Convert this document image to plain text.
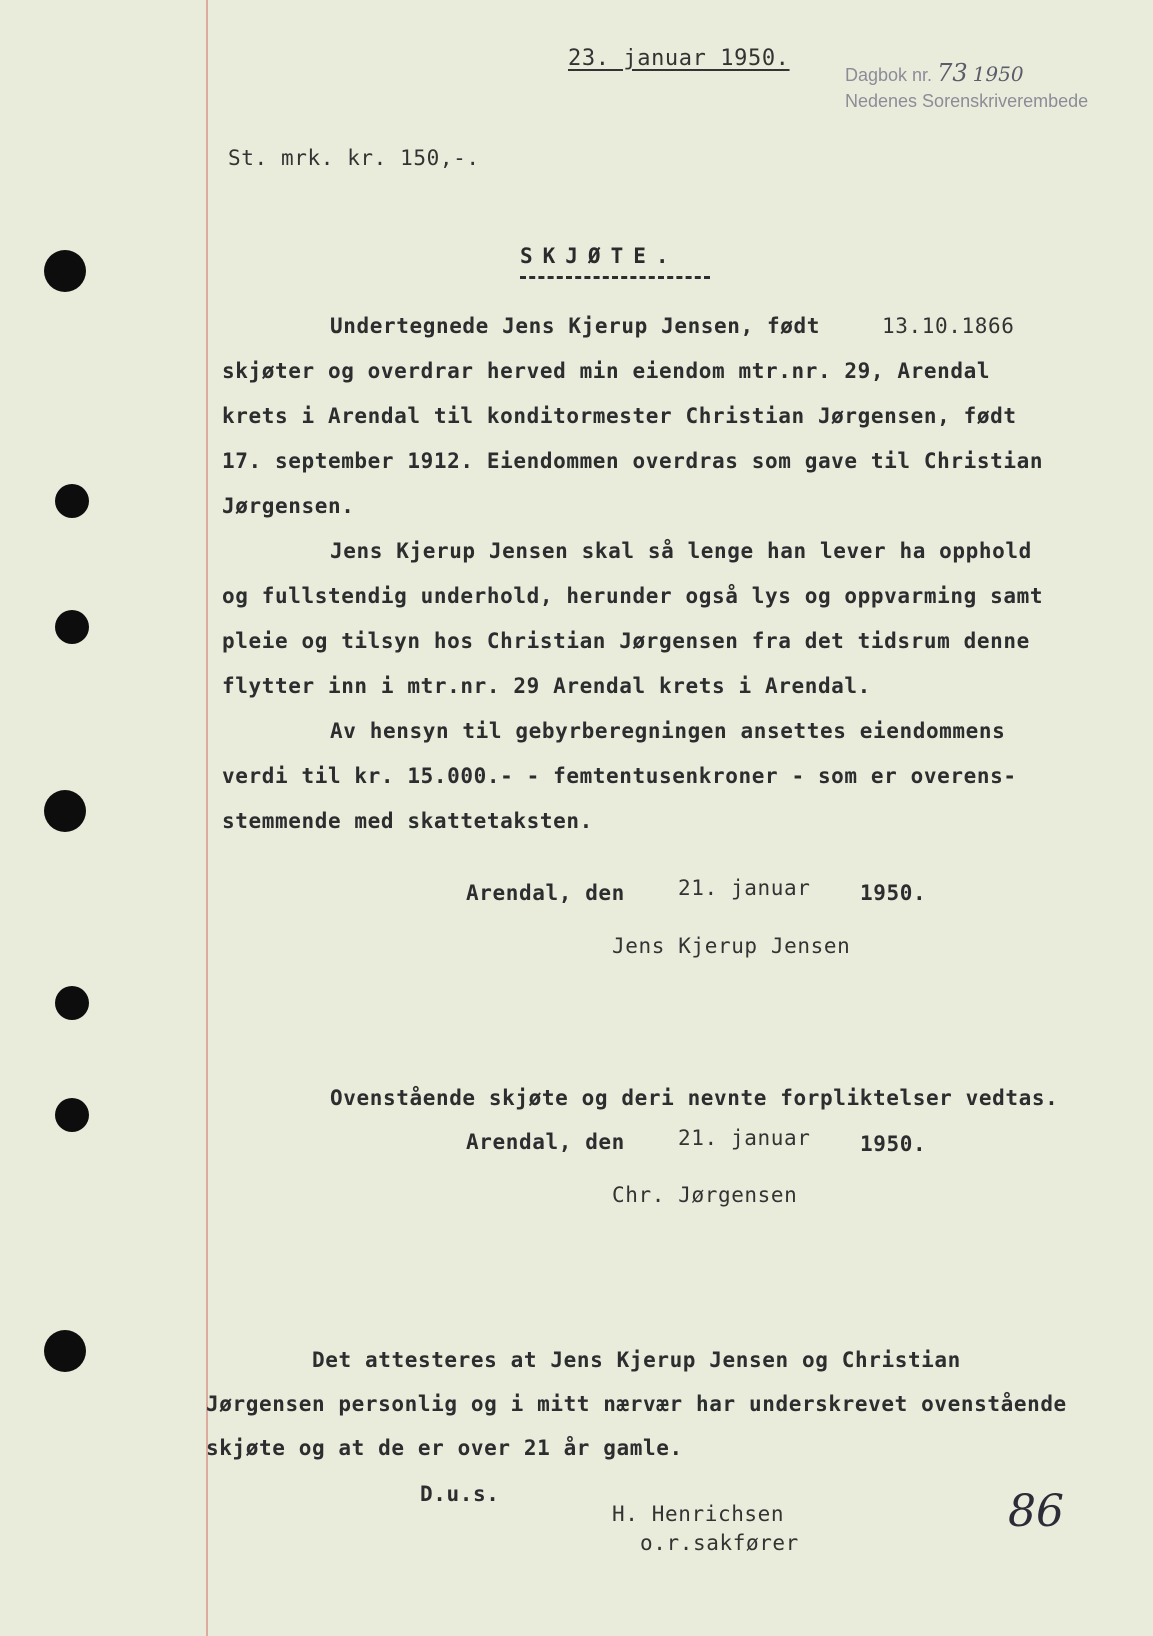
23. januar 1950.
Dagbok nr. 73 1950
Nedenes Sorenskriverembede
St. mrk. kr. 150,-.
SKJØTE.
Undertegnede Jens Kjerup Jensen, født	13.10.1866
skjøter og overdrar herved min eiendom mtr.nr. 29, Arendal
krets i Arendal til konditormester Christian Jørgensen, født
17. september 1912. Eiendommen overdras som gave til Christian
Jørgensen.
Jens Kjerup Jensen skal så lenge han lever ha opphold
og fullstendig underhold, herunder også lys og oppvarming samt
pleie og tilsyn hos Christian Jørgensen fra det tidsrum denne
flytter inn i mtr.nr. 29 Arendal krets i Arendal.
Av hensyn til gebyrberegningen ansettes eiendommens
verdi til kr. 15.000.- - femtentusenkroner - som er overens-
stemmende med skattetaksten.
Arendal, den	21. januar 1950.
Jens Kjerup Jensen
Ovenstående skjøte og deri nevnte forpliktelser vedtas.
Arendal, den	21. januar 1950.
Chr. Jørgensen
Det attesteres at Jens Kjerup Jensen og Christian
Jørgensen personlig og i mitt nærvær har underskrevet ovenstående
skjøte og at de er over 21 år gamle.
D.u.s.
H. Henrichsen
o.r.sakfører
86
